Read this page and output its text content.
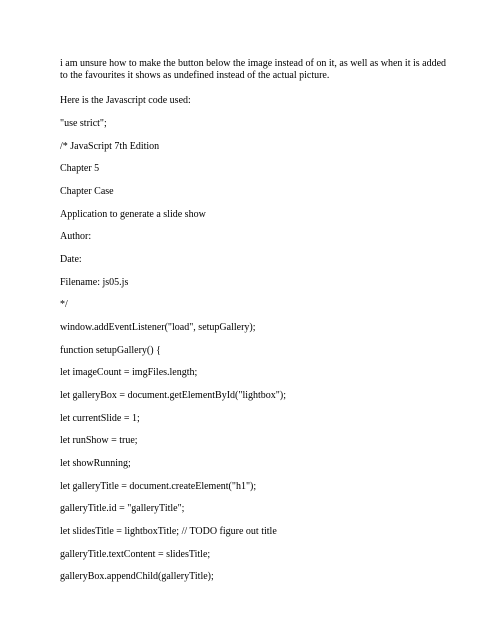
i am unsure how to make the button below the image instead of on it, as well as when it is added
to the favourites it shows as undefined instead of the actual picture.
Here is the Javascript code used:
"use strict";
/* JavaScript 7th Edition
Chapter 5
Chapter Case
Application to generate a slide show
Author:
Date:
Filename: js05.js
*/
window.addEventListener("load", setupGallery);
function setupGallery() {
let imageCount = imgFiles.length;
let galleryBox = document.getElementById("lightbox");
let currentSlide = 1;
let runShow = true;
let showRunning;
let galleryTitle = document.createElement("h1");
galleryTitle.id = "galleryTitle";
let slidesTitle = lightboxTitle; // TODO figure out title
galleryTitle.textContent = slidesTitle;
galleryBox.appendChild(galleryTitle);
